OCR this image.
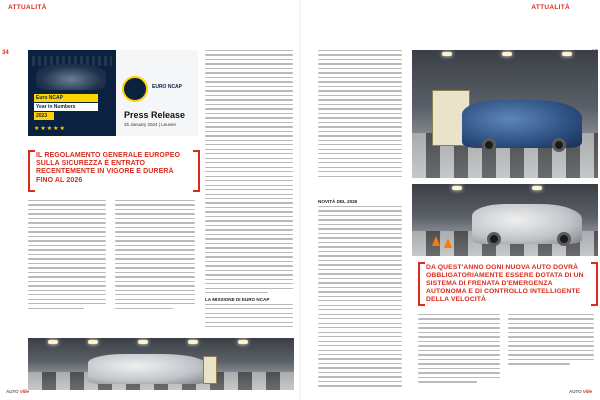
ATTUALITÀ	ATTUALITÀ
34
Euro NCAP
Year in Numbers
2023
★★★★★
EURO NCAP
Press Release
25 January 2024 | Leuven
IL REGOLAMENTO GENERALE EUROPEO SULLA SICUREZZA È ENTRATO RECENTEMENTE IN VIGORE E DURERÀ FINO AL 2026
LA MISSIONE DI EURO NCAP
NOVITÀ DEL 2026
DA QUEST'ANNO OGNI NUOVA AUTO DOVRÀ OBBLIGATORIAMENTE ESSERE DOTATA DI UN SISTEMA DI FRENATA D'EMERGENZA AUTONOMA E DI CONTROLLO INTELLIGENTE DELLA VELOCITÀ
AUTO Ville	AUTO Ville
